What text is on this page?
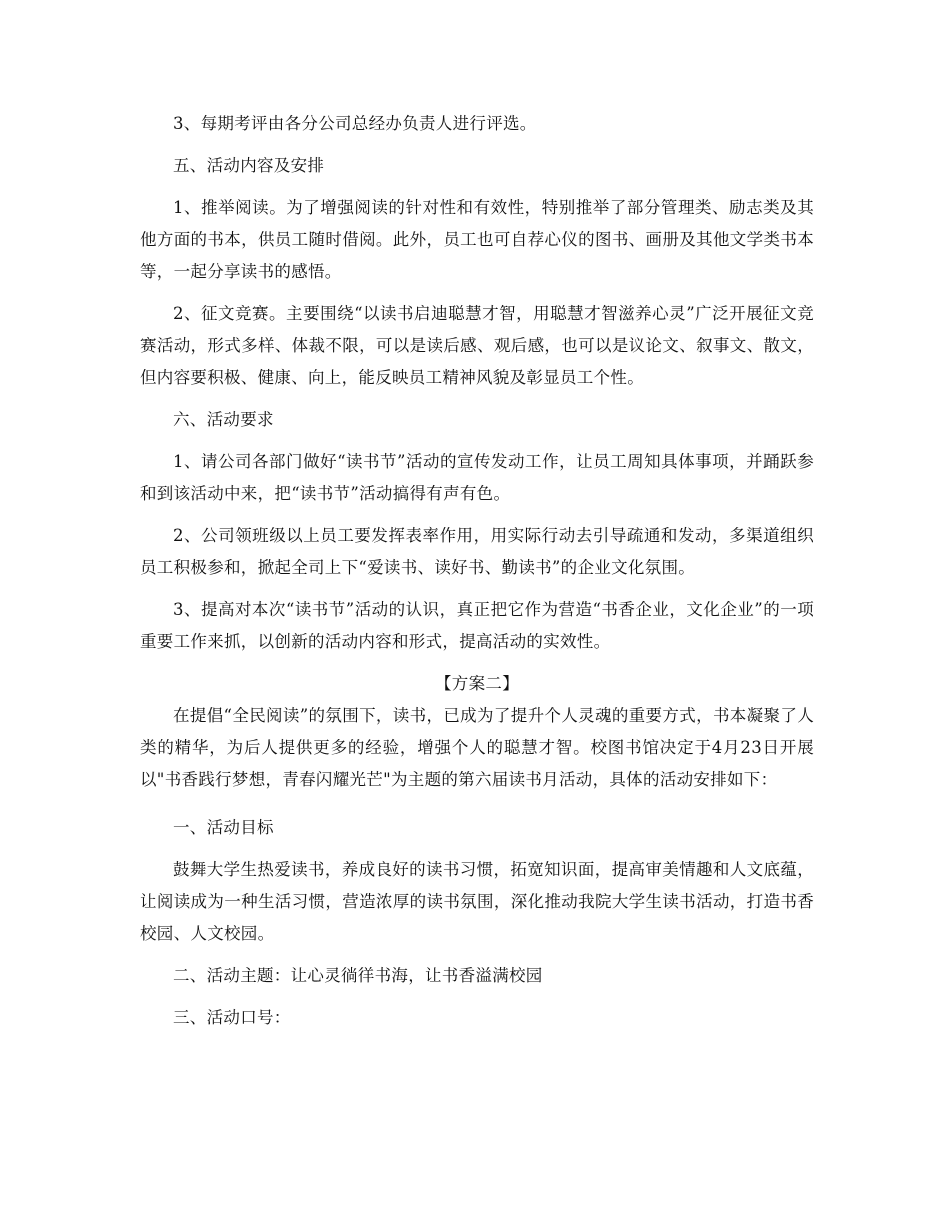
3、每期考评由各分公司总经办负责人进行评选。

五、活动内容及安排

1、推举阅读。为了增强阅读的针对性和有效性，特别推举了部分管理类、励志类及其他方面的书本，供员工随时借阅。此外，员工也可自荐心仪的图书、画册及其他文学类书本等，一起分享读书的感悟。

2、征文竞赛。主要围绕“以读书启迪聪慧才智，用聪慧才智滋养心灵”广泛开展征文竞赛活动，形式多样、体裁不限，可以是读后感、观后感，也可以是议论文、叙事文、散文，但内容要积极、健康、向上，能反映员工精神风貌及彰显员工个性。

六、活动要求

1、请公司各部门做好“读书节”活动的宣传发动工作，让员工周知具体事项，并踊跃参和到该活动中来，把“读书节”活动搞得有声有色。

2、公司领班级以上员工要发挥表率作用，用实际行动去引导疏通和发动，多渠道组织员工积极参和，掀起全司上下“爱读书、读好书、勤读书”的企业文化氛围。

3、提高对本次“读书节”活动的认识，真正把它作为营造“书香企业，文化企业”的一项重要工作来抓，以创新的活动内容和形式，提高活动的实效性。

【方案二】

在提倡“全民阅读”的氛围下，读书，已成为了提升个人灵魂的重要方式，书本凝聚了人类的精华，为后人提供更多的经验，增强个人的聪慧才智。校图书馆决定于4月23日开展以"书香践行梦想，青春闪耀光芒"为主题的第六届读书月活动，具体的活动安排如下：

一、活动目标

鼓舞大学生热爱读书，养成良好的读书习惯，拓宽知识面，提高审美情趣和人文底蕴，让阅读成为一种生活习惯，营造浓厚的读书氛围，深化推动我院大学生读书活动，打造书香校园、人文校园。

二、活动主题：让心灵徜徉书海，让书香溢满校园

三、活动口号：
